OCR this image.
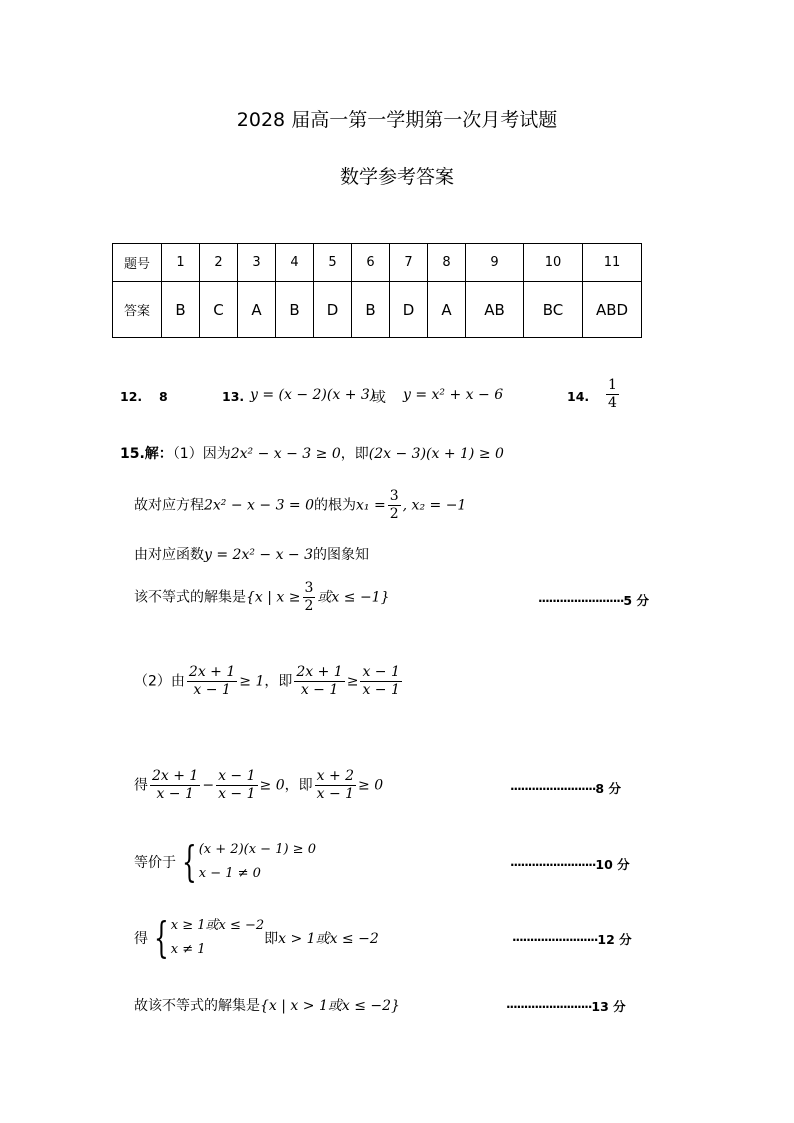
2028 届高一第一学期第一次月考试题
数学参考答案
题号	1	2	3	4	5	6	7	8	9	10	11
答案	B	C	A	B	D	B	D	A	AB	BC	ABD
12. 8	13. y = (x − 2)(x + 3)
或 y = x² + x − 6	14. $\frac{1}{4}$
15.解：（1）因为2x² − x − 3 ≥ 0，即(2x − 3)(x + 1) ≥ 0
故对应方程2x² − x − 3 = 0的根为$x_1 = \frac{3}{2}$ , x₂ = −1
由对应函数y = 2x² − x − 3的图象知
该不等式的解集是{x | $x \ge \frac{3}{2}$ 或x ≤ −1}	························5 分
（2）由 $\frac{2x + 1}{x - 1} \ge 1$，即 $\frac{2x + 1}{x - 1} \ge \frac{x - 1}{x - 1}$
得 $\frac{2x + 1}{x - 1} - \frac{x - 1}{x - 1} \ge 0$，即 $\frac{x + 2}{x - 1} \ge 0$	························8 分
等价于 { (x + 2)(x − 1) ≥ 0
x − 1 ≠ 0
························10 分
得 { x ≥ 1或x ≤ −2
x ≠ 1
即x > 1或x ≤ −2	························12 分
故该不等式的解集是{x | x > 1或x ≤ −2}	························13 分
